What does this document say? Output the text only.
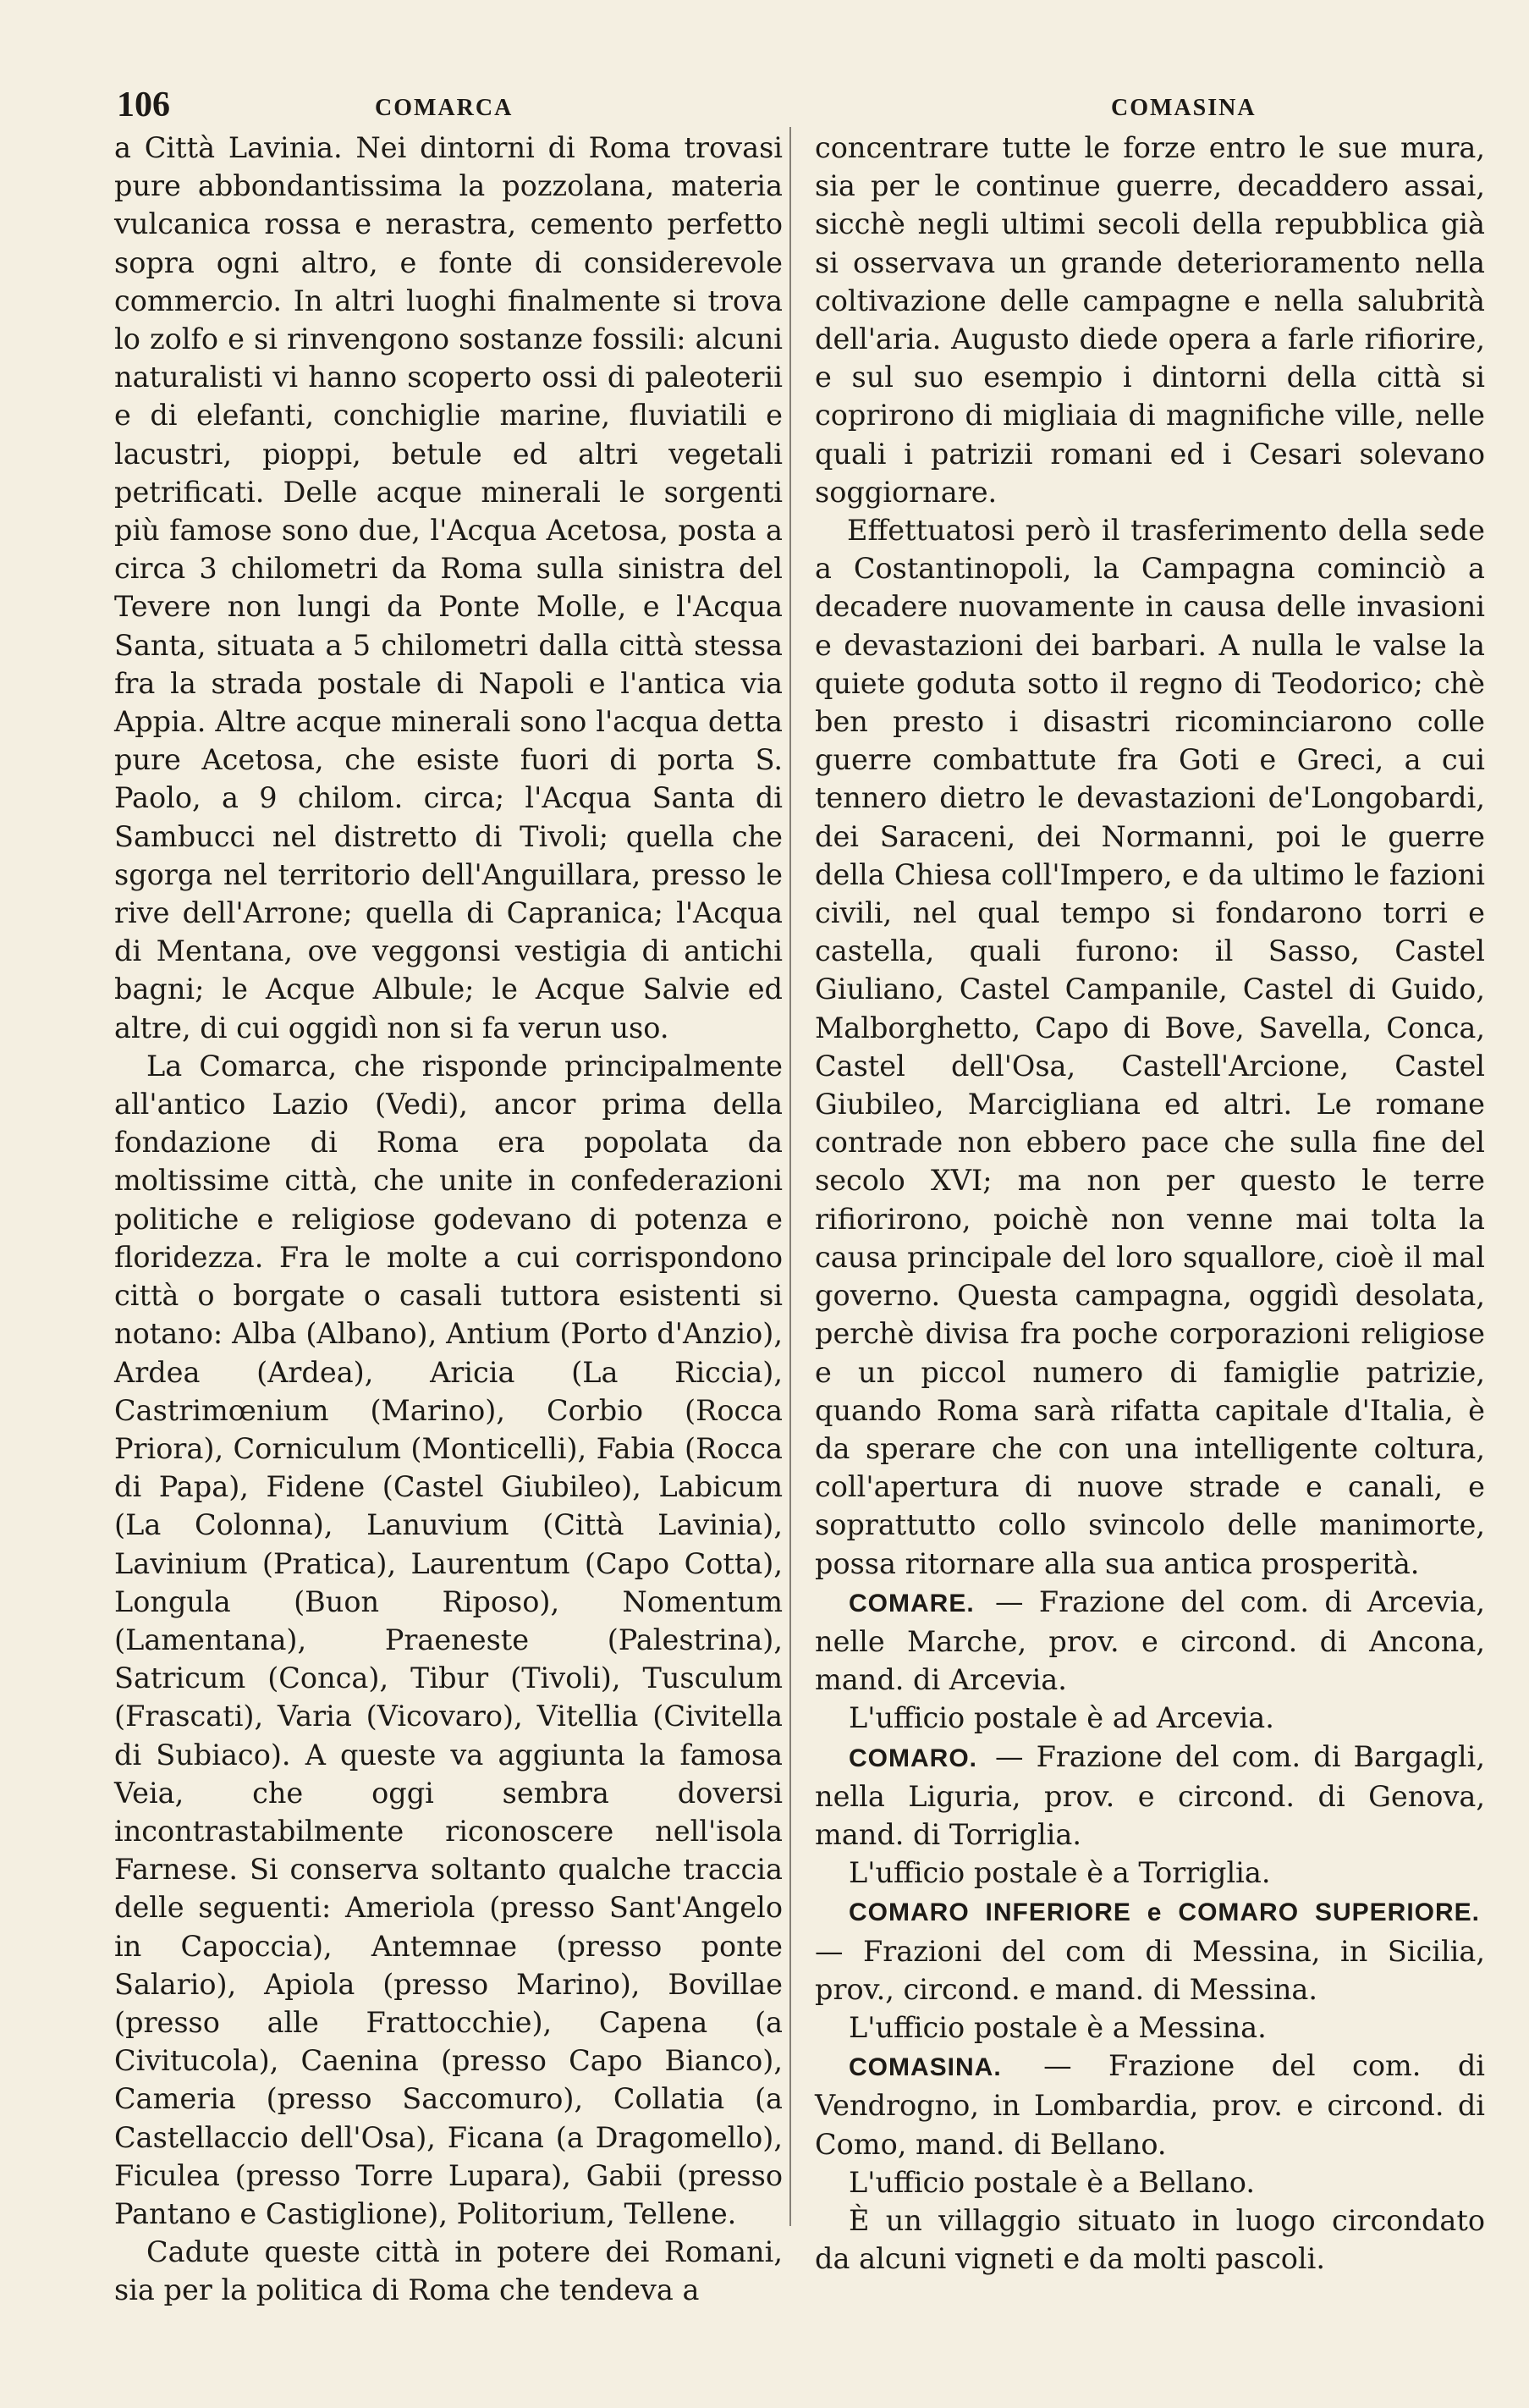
106	COMARCA	COMASINA

a Città Lavinia. Nei dintorni di Roma trovasi pure abbondantissima la pozzolana, materia vulcanica rossa e nerastra, cemento perfetto sopra ogni altro, e fonte di considerevole commercio. In altri luoghi finalmente si trova lo zolfo e si rinvengono sostanze fossili: alcuni naturalisti vi hanno scoperto ossi di paleoterii e di elefanti, conchiglie marine, fluviatili e lacustri, pioppi, betule ed altri vegetali petrificati. Delle acque minerali le sorgenti più famose sono due, l'Acqua Acetosa, posta a circa 3 chilometri da Roma sulla sinistra del Tevere non lungi da Ponte Molle, e l'Acqua Santa, situata a 5 chilometri dalla città stessa fra la strada postale di Napoli e l'antica via Appia. Altre acque minerali sono l'acqua detta pure Acetosa, che esiste fuori di porta S. Paolo, a 9 chilom. circa; l'Acqua Santa di Sambucci nel distretto di Tivoli; quella che sgorga nel territorio dell'Anguillara, presso le rive dell'Arrone; quella di Capranica; l'Acqua di Mentana, ove veggonsi vestigia di antichi bagni; le Acque Albule; le Acque Salvie ed altre, di cui oggidì non si fa verun uso.

La Comarca, che risponde principalmente all'antico Lazio (Vedi), ancor prima della fondazione di Roma era popolata da moltissime città, che unite in confederazioni politiche e religiose godevano di potenza e floridezza. Fra le molte a cui corrispondono città o borgate o casali tuttora esistenti si notano: Alba (Albano), Antium (Porto d'Anzio), Ardea (Ardea), Aricia (La Riccia), Castrimœnium (Marino), Corbio (Rocca Priora), Corniculum (Monticelli), Fabia (Rocca di Papa), Fidene (Castel Giubileo), Labicum (La Colonna), Lanuvium (Città Lavinia), Lavinium (Pratica), Laurentum (Capo Cotta), Longula (Buon Riposo), Nomentum (Lamentana), Praeneste (Palestrina), Satricum (Conca), Tibur (Tivoli), Tusculum (Frascati), Varia (Vicovaro), Vitellia (Civitella di Subiaco). A queste va aggiunta la famosa Veia, che oggi sembra doversi incontrastabilmente riconoscere nell'isola Farnese. Si conserva soltanto qualche traccia delle seguenti: Ameriola (presso Sant'Angelo in Capoccia), Antemnae (presso ponte Salario), Apiola (presso Marino), Bovillae (presso alle Frattocchie), Capena (a Civitucola), Caenina (presso Capo Bianco), Cameria (presso Saccomuro), Collatia (a Castellaccio dell'Osa), Ficana (a Dragomello), Ficulea (presso Torre Lupara), Gabii (presso Pantano e Castiglione), Politorium, Tellene.

Cadute queste città in potere dei Romani, sia per la politica di Roma che tendeva a

concentrare tutte le forze entro le sue mura, sia per le continue guerre, decaddero assai, sicchè negli ultimi secoli della repubblica già si osservava un grande deterioramento nella coltivazione delle campagne e nella salubrità dell'aria. Augusto diede opera a farle rifiorire, e sul suo esempio i dintorni della città si coprirono di migliaia di magnifiche ville, nelle quali i patrizii romani ed i Cesari solevano soggiornare.

Effettuatosi però il trasferimento della sede a Costantinopoli, la Campagna cominciò a decadere nuovamente in causa delle invasioni e devastazioni dei barbari. A nulla le valse la quiete goduta sotto il regno di Teodorico; chè ben presto i disastri ricominciarono colle guerre combattute fra Goti e Greci, a cui tennero dietro le devastazioni de'Longobardi, dei Saraceni, dei Normanni, poi le guerre della Chiesa coll'Impero, e da ultimo le fazioni civili, nel qual tempo si fondarono torri e castella, quali furono: il Sasso, Castel Giuliano, Castel Campanile, Castel di Guido, Malborghetto, Capo di Bove, Savella, Conca, Castel dell'Osa, Castell'Arcione, Castel Giubileo, Marcigliana ed altri. Le romane contrade non ebbero pace che sulla fine del secolo XVI; ma non per questo le terre rifiorirono, poichè non venne mai tolta la causa principale del loro squallore, cioè il mal governo. Questa campagna, oggidì desolata, perchè divisa fra poche corporazioni religiose e un piccol numero di famiglie patrizie, quando Roma sarà rifatta capitale d'Italia, è da sperare che con una intelligente coltura, coll'apertura di nuove strade e canali, e soprattutto collo svincolo delle manimorte, possa ritornare alla sua antica prosperità.

COMARE. — Frazione del com. di Arcevia, nelle Marche, prov. e circond. di Ancona, mand. di Arcevia.

L'ufficio postale è ad Arcevia.

COMARO. — Frazione del com. di Bargagli, nella Liguria, prov. e circond. di Genova, mand. di Torriglia.

L'ufficio postale è a Torriglia.

COMARO INFERIORE e COMARO SUPERIORE. — Frazioni del com di Messina, in Sicilia, prov., circond. e mand. di Messina.

L'ufficio postale è a Messina.

COMASINA. — Frazione del com. di Vendrogno, in Lombardia, prov. e circond. di Como, mand. di Bellano.

L'ufficio postale è a Bellano.

È un villaggio situato in luogo circondato da alcuni vigneti e da molti pascoli.
